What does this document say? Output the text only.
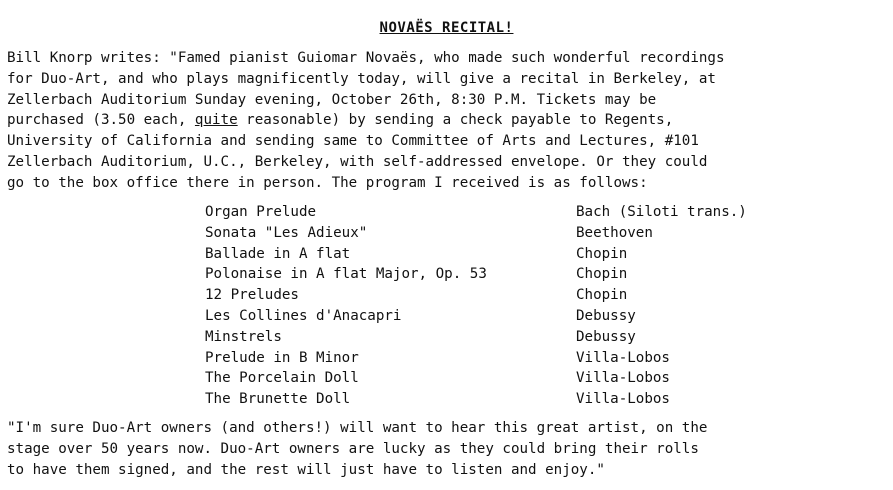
NOVAËS RECITAL!
Bill Knorp writes: "Famed pianist Guiomar Novaës, who made such wonderful recordings
for Duo-Art, and who plays magnificently today, will give a recital in Berkeley, at
Zellerbach Auditorium Sunday evening, October 26th, 8:30 P.M. Tickets may be
purchased (3.50 each, quite reasonable) by sending a check payable to Regents,
University of California and sending same to Committee of Arts and Lectures, #101
Zellerbach Auditorium, U.C., Berkeley, with self-addressed envelope. Or they could
go to the box office there in person. The program I received is as follows:
Organ Prelude	Bach (Siloti trans.)
Sonata "Les Adieux"	Beethoven
Ballade in A flat	Chopin
Polonaise in A flat Major, Op. 53	Chopin
12 Preludes	Chopin
Les Collines d'Anacapri	Debussy
Minstrels	Debussy
Prelude in B Minor	Villa-Lobos
The Porcelain Doll	Villa-Lobos
The Brunette Doll	Villa-Lobos
"I'm sure Duo-Art owners (and others!) will want to hear this great artist, on the
stage over 50 years now. Duo-Art owners are lucky as they could bring their rolls
to have them signed, and the rest will just have to listen and enjoy."
